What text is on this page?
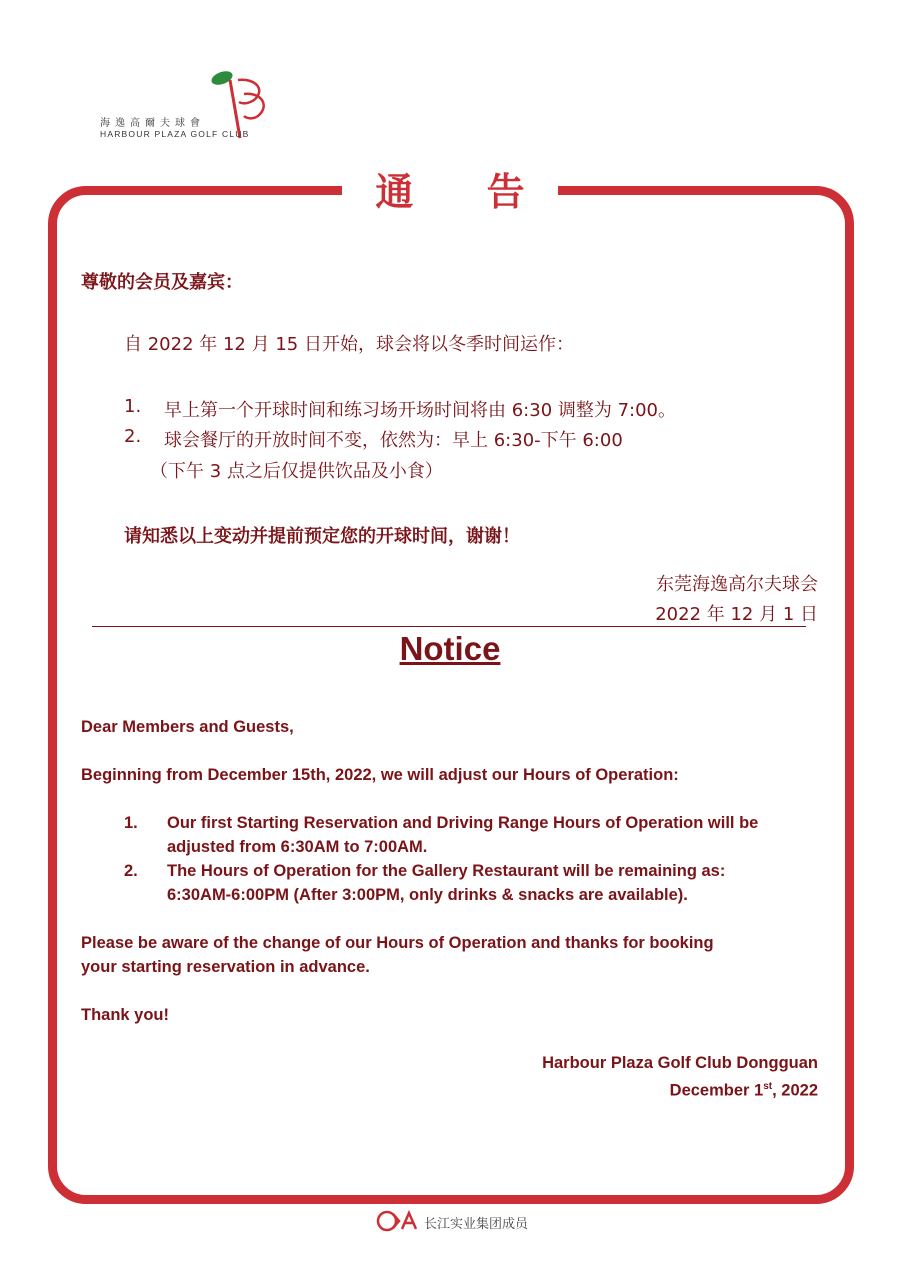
海逸高爾夫球會
HARBOUR PLAZA GOLF CLUB
通 告
尊敬的会员及嘉宾：
自 2022 年 12 月 15 日开始，球会将以冬季时间运作：
1. 早上第一个开球时间和练习场开场时间将由 6:30 调整为 7:00。
2. 球会餐厅的开放时间不变，依然为：早上 6:30-下午 6:00
（下午 3 点之后仅提供饮品及小食）
请知悉以上变动并提前预定您的开球时间，谢谢！
东莞海逸高尔夫球会
2022 年 12 月 1 日
Notice
Dear Members and Guests,
Beginning from December 15th, 2022, we will adjust our Hours of Operation:
1. Our first Starting Reservation and Driving Range Hours of Operation will be
adjusted from 6:30AM to 7:00AM.
2. The Hours of Operation for the Gallery Restaurant will be remaining as:
6:30AM-6:00PM (After 3:00PM, only drinks & snacks are available).
Please be aware of the change of our Hours of Operation and thanks for booking
your starting reservation in advance.
Thank you!
Harbour Plaza Golf Club Dongguan
December 1st, 2022
长江实业集团成员
